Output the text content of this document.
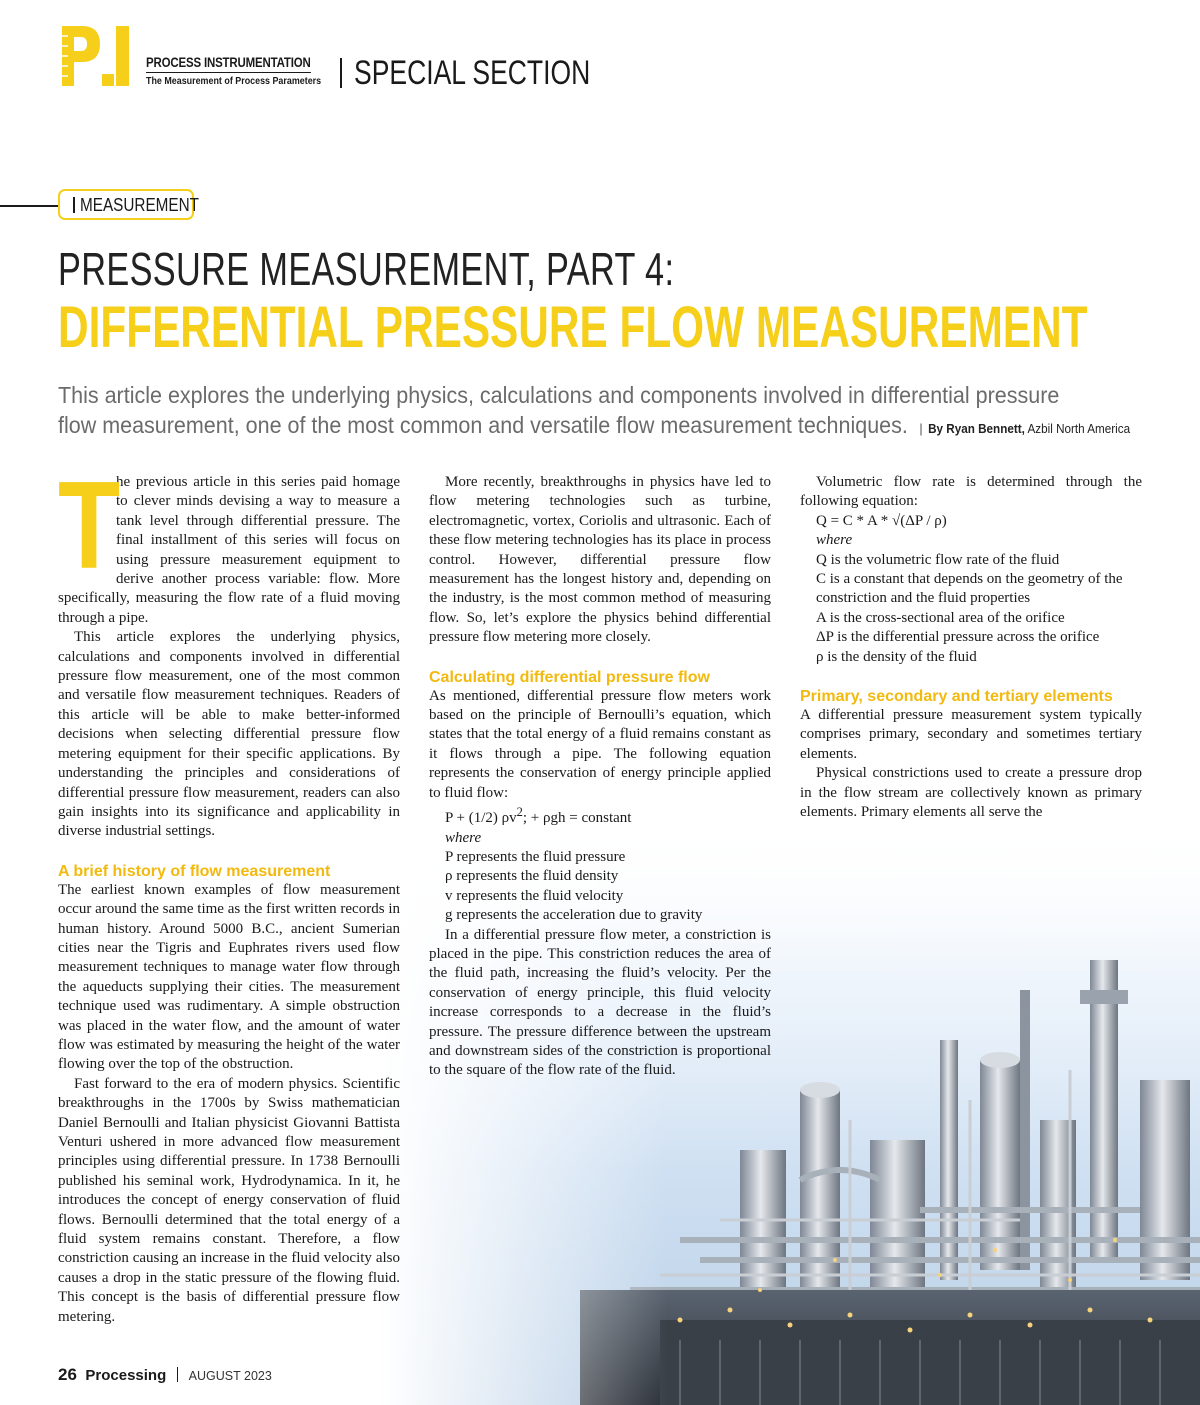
PROCESS INSTRUMENTATION
The Measurement of Process Parameters SPECIAL SECTION
MEASUREMENT
PRESSURE MEASUREMENT, PART 4:
DIFFERENTIAL PRESSURE FLOW MEASUREMENT
This article explores the underlying physics, calculations and components involved in differential pressure
flow measurement, one of the most common and versatile flow measurement techniques. | By Ryan Bennett, Azbil North America
T

he previous article in this series paid homage to clever minds devising a way to measure a tank level through differential pressure. The final installment of this series will focus on using pressure measurement equipment to derive another process variable: flow. More specifically, measuring the flow rate of a fluid moving through a pipe.

This article explores the underlying physics, calculations and components involved in differential pressure flow measurement, one of the most common and versatile flow measurement techniques. Readers of this article will be able to make better-informed decisions when selecting differential pressure flow metering equipment for their specific applications. By understanding the principles and considerations of differential pressure flow measurement, readers can also gain insights into its significance and applicability in diverse industrial settings.

A brief history of flow measurement

The earliest known examples of flow measurement occur around the same time as the first written records in human history. Around 5000 B.C., ancient Sumerian cities near the Tigris and Euphrates rivers used flow measurement techniques to manage water flow through the aqueducts supplying their cities. The measurement technique used was rudimentary. A simple obstruction was placed in the water flow, and the amount of water flow was estimated by measuring the height of the water flowing over the top of the obstruction.

Fast forward to the era of modern physics. Scientific breakthroughs in the 1700s by Swiss mathematician Daniel Bernoulli and Italian physicist Giovanni Battista Venturi ushered in more advanced flow measurement principles using differential pressure. In 1738 Bernoulli published his seminal work, Hydrodynamica. In it, he introduces the concept of energy conservation of fluid flows. Bernoulli determined that the total energy of a fluid system remains constant. Therefore, a flow constriction causing an increase in the fluid velocity also causes a drop in the static pressure of the flowing fluid. This concept is the basis of differential pressure flow metering.

More recently, breakthroughs in physics have led to flow metering technologies such as turbine, electromagnetic, vortex, Coriolis and ultrasonic. Each of these flow metering technologies has its place in process control. However, differential pressure flow measurement has the longest history and, depending on the industry, is the most common method of measuring flow. So, let’s explore the physics behind differential pressure flow metering more closely.

Calculating differential pressure flow

As mentioned, differential pressure flow meters work based on the principle of Bernoulli’s equation, which states that the total energy of a fluid remains constant as it flows through a pipe. The following equation represents the conservation of energy principle applied to fluid flow:

P + (1/2) $\rho v^2$; + ρgh = constant

where

P represents the fluid pressure

ρ represents the fluid density

v represents the fluid velocity

g represents the acceleration due to gravity

In a differential pressure flow meter, a constriction is placed in the pipe. This constriction reduces the area of the fluid path, increasing the fluid’s velocity. Per the conservation of energy principle, this fluid velocity increase corresponds to a decrease in the fluid’s pressure. The pressure difference between the upstream and downstream sides of the constriction is proportional to the square of the flow rate of the fluid.

Volumetric flow rate is determined through the following equation:

Q = C * A * √(ΔP / ρ)

where

Q is the volumetric flow rate of the fluid

C is a constant that depends on the geometry of the constriction and the fluid properties

A is the cross-sectional area of the orifice

ΔP is the differential pressure across the orifice

ρ is the density of the fluid

Primary, secondary and tertiary elements

A differential pressure measurement system typically comprises primary, secondary and sometimes tertiary elements.

Physical constrictions used to create a pressure drop in the flow stream are collectively known as primary elements. Primary elements all serve the

26 Processing AUGUST 2023
